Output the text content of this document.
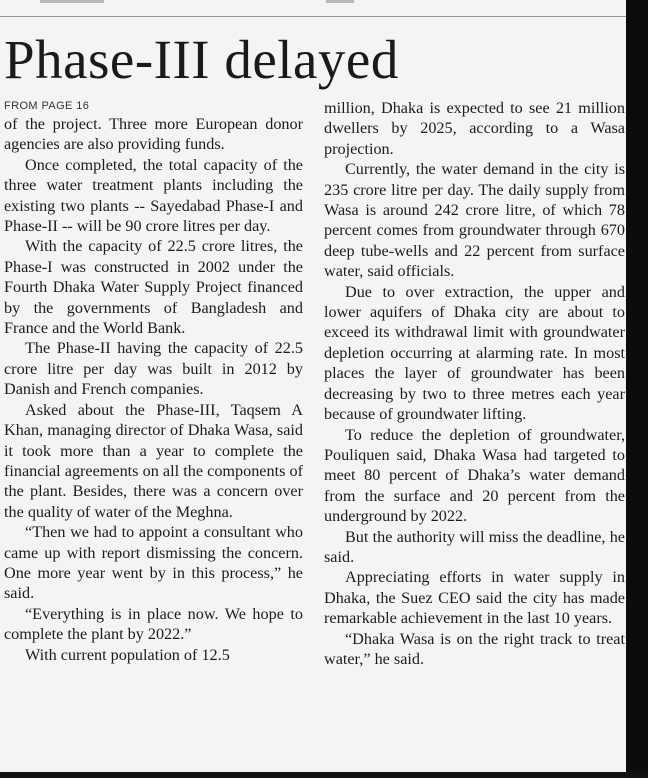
Phase-III delayed
FROM PAGE 16

of the project. Three more European donor agencies are also providing funds.

Once completed, the total capacity of the three water treatment plants including the existing two plants -- Sayedabad Phase-I and Phase-II -- will be 90 crore litres per day.

With the capacity of 22.5 crore litres, the Phase-I was constructed in 2002 under the Fourth Dhaka Water Supply Project financed by the governments of Bangladesh and France and the World Bank.

The Phase-II having the capacity of 22.5 crore litre per day was built in 2012 by Danish and French companies.

Asked about the Phase-III, Taqsem A Khan, managing director of Dhaka Wasa, said it took more than a year to complete the financial agreements on all the components of the plant. Besides, there was a concern over the quality of water of the Meghna.

“Then we had to appoint a consultant who came up with report dismissing the concern. One more year went by in this process,” he said.

“Everything is in place now. We hope to complete the plant by 2022.”

With current population of 12.5

million, Dhaka is expected to see 21 million dwellers by 2025, according to a Wasa projection.

Currently, the water demand in the city is 235 crore litre per day. The daily supply from Wasa is around 242 crore litre, of which 78 percent comes from groundwater through 670 deep tube-wells and 22 percent from surface water, said officials.

Due to over extraction, the upper and lower aquifers of Dhaka city are about to exceed its withdrawal limit with groundwater depletion occurring at alarming rate. In most places the layer of groundwater has been decreasing by two to three metres each year because of groundwater lifting.

To reduce the depletion of groundwater, Pouliquen said, Dhaka Wasa had targeted to meet 80 percent of Dhaka’s water demand from the surface and 20 percent from the underground by 2022.

But the authority will miss the deadline, he said.

Appreciating efforts in water supply in Dhaka, the Suez CEO said the city has made remarkable achievement in the last 10 years.

“Dhaka Wasa is on the right track to treat water,” he said.
